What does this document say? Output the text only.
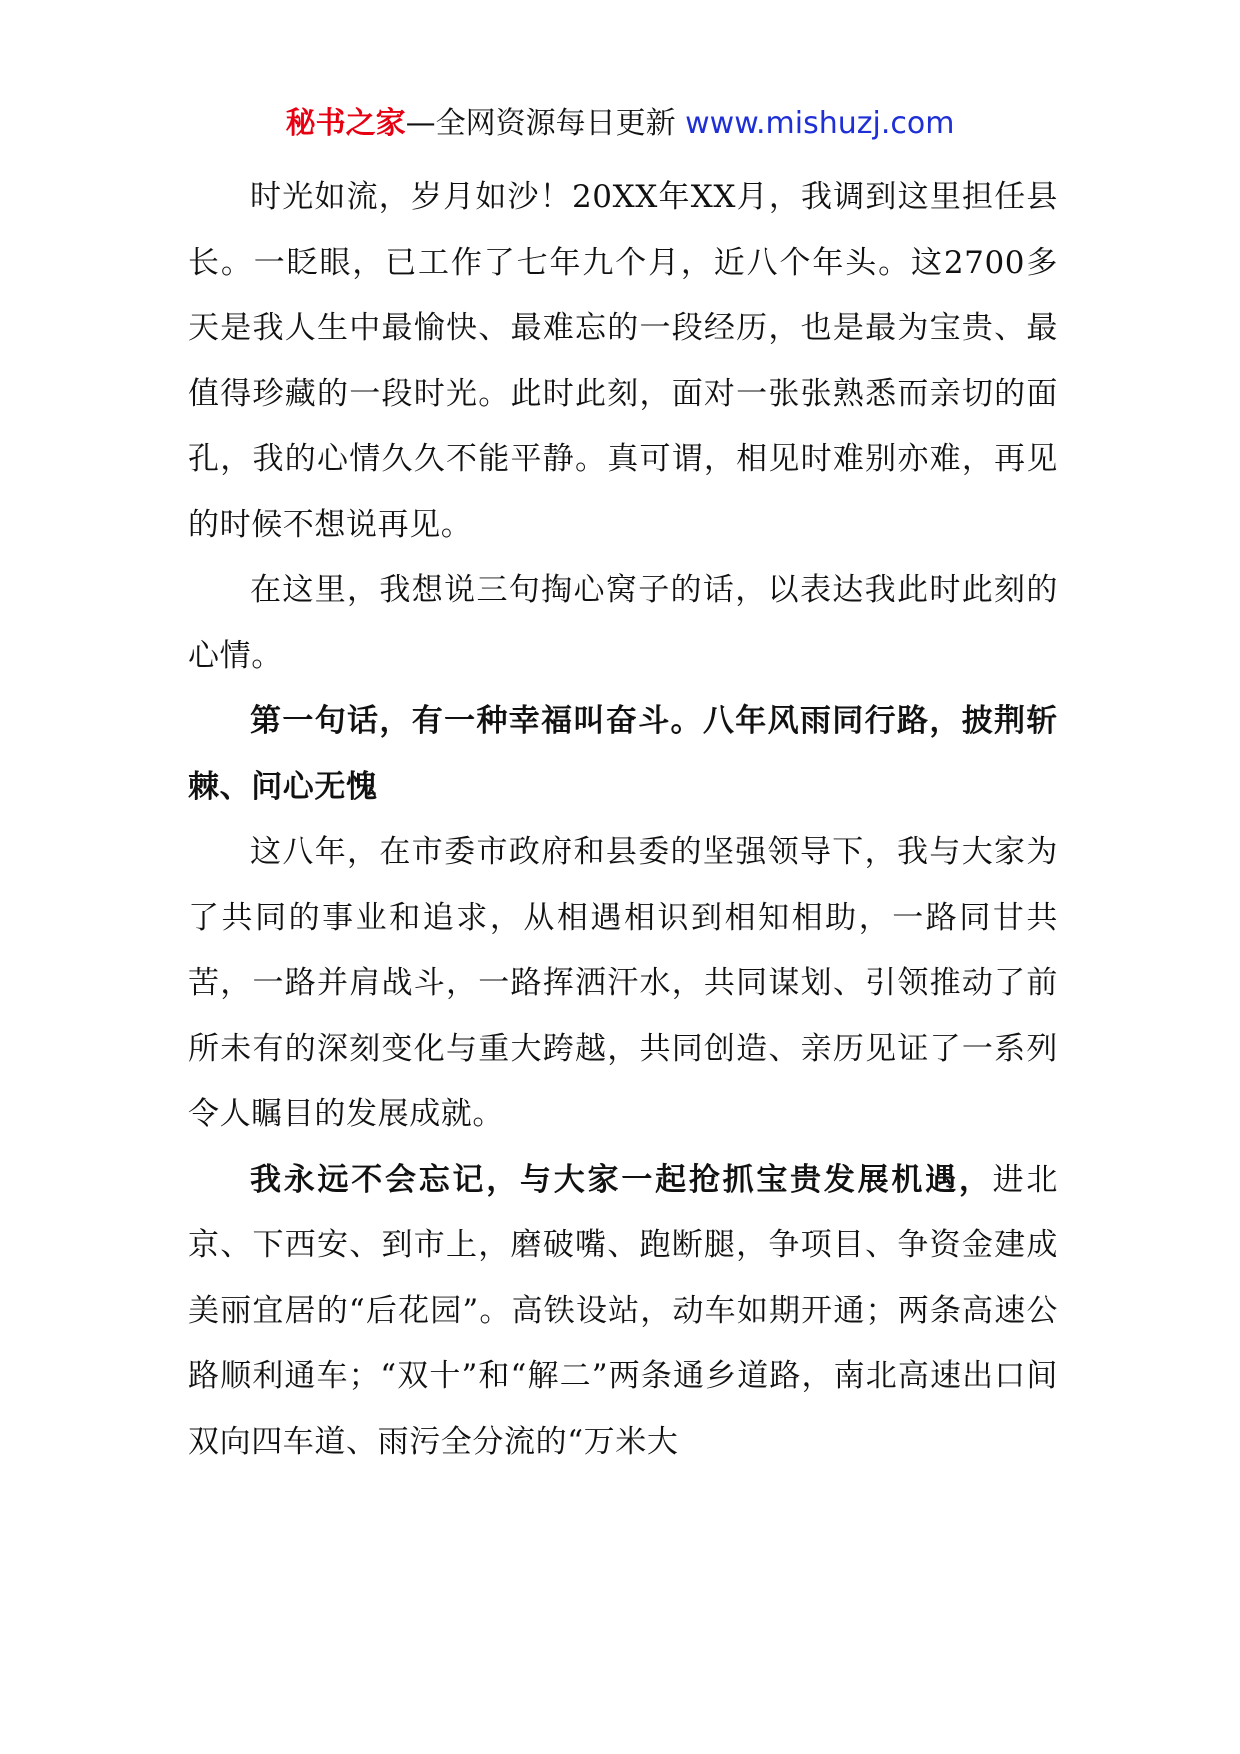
秘书之家—全网资源每日更新 www.mishuzj.com

时光如流，岁月如沙！20XX年XX月，我调到这里担任县长。一眨眼，已工作了七年九个月，近八个年头。这2700多天是我人生中最愉快、最难忘的一段经历，也是最为宝贵、最值得珍藏的一段时光。此时此刻，面对一张张熟悉而亲切的面孔，我的心情久久不能平静。真可谓，相见时难别亦难，再见的时候不想说再见。

在这里，我想说三句掏心窝子的话，以表达我此时此刻的心情。

第一句话，有一种幸福叫奋斗。八年风雨同行路，披荆斩棘、问心无愧

这八年，在市委市政府和县委的坚强领导下，我与大家为了共同的事业和追求，从相遇相识到相知相助，一路同甘共苦，一路并肩战斗，一路挥洒汗水，共同谋划、引领推动了前所未有的深刻变化与重大跨越，共同创造、亲历见证了一系列令人瞩目的发展成就。

我永远不会忘记，与大家一起抢抓宝贵发展机遇，进北京、下西安、到市上，磨破嘴、跑断腿，争项目、争资金建成美丽宜居的“后花园”。高铁设站，动车如期开通；两条高速公路顺利通车；“双十”和“解二”两条通乡道路，南北高速出口间双向四车道、雨污全分流的“万米大
